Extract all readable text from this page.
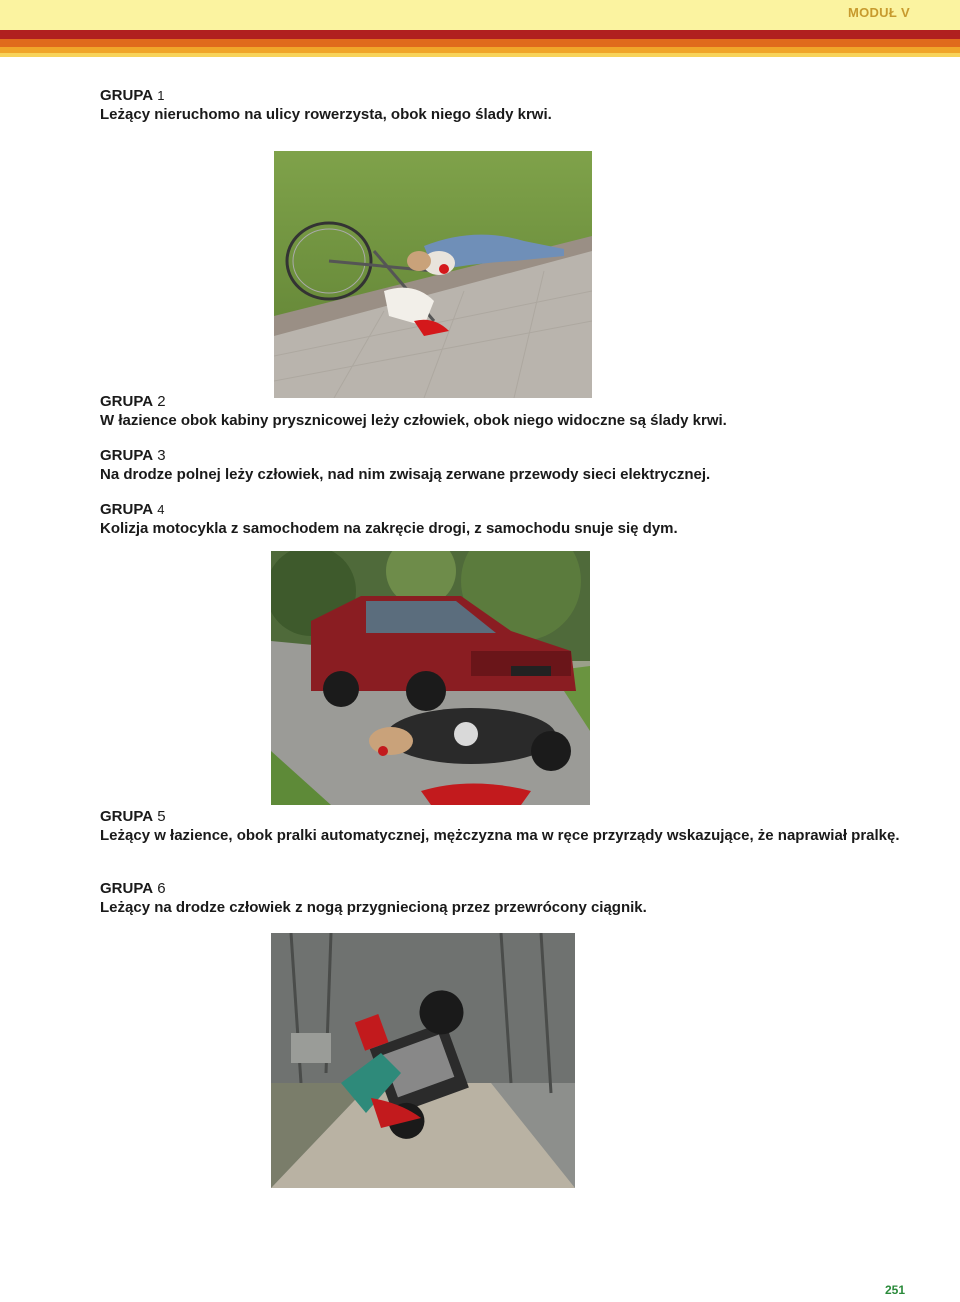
MODUŁ V
GRUPA 1
Leżący nieruchomo na ulicy rowerzysta, obok niego ślady krwi.
GRUPA 2
W łazience obok kabiny prysznicowej leży człowiek, obok niego widoczne są ślady krwi.
GRUPA 3
Na drodze polnej leży człowiek, nad nim zwisają zerwane przewody sieci elektrycznej.
GRUPA 4
Kolizja motocykla z samochodem na zakręcie drogi, z samochodu snuje się dym.
GRUPA 5
Leżący w łazience, obok pralki automatycznej, mężczyzna ma w ręce przyrządy wskazujące, że naprawiał pralkę.
GRUPA 6
Leżący na drodze człowiek z nogą przygniecioną przez przewrócony ciągnik.
251
